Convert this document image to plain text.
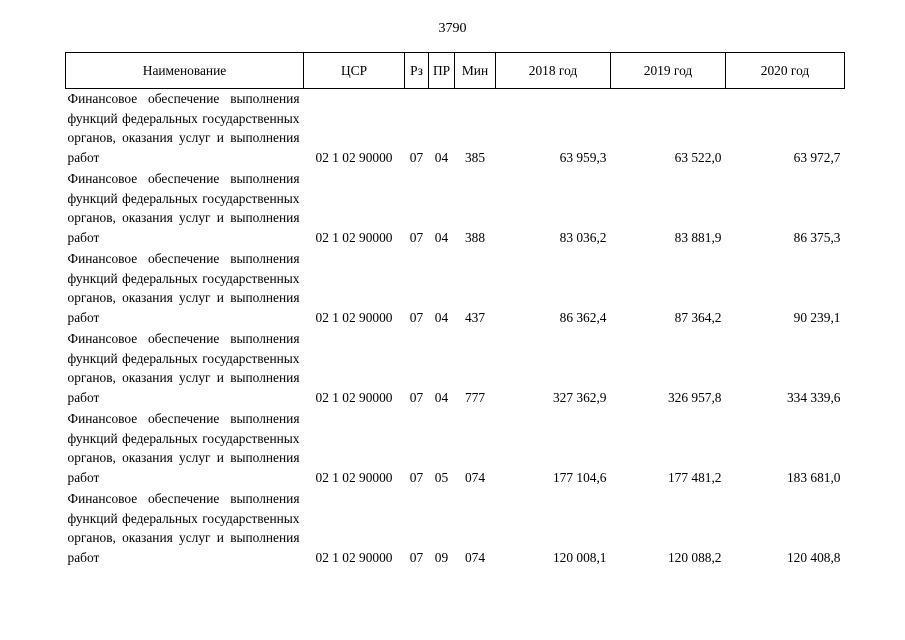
3790
Наименование	ЦСР	Рз	ПР	Мин	2018 год	2019 год	2020 год
Финансовое обеспечение выполнения функций федеральных государственных органов, оказания услуг и выполнения работ	02 1 02 90000	07	04	385	63 959,3	63 522,0	63 972,7
Финансовое обеспечение выполнения функций федеральных государственных органов, оказания услуг и выполнения работ	02 1 02 90000	07	04	388	83 036,2	83 881,9	86 375,3
Финансовое обеспечение выполнения функций федеральных государственных органов, оказания услуг и выполнения работ	02 1 02 90000	07	04	437	86 362,4	87 364,2	90 239,1
Финансовое обеспечение выполнения функций федеральных государственных органов, оказания услуг и выполнения работ	02 1 02 90000	07	04	777	327 362,9	326 957,8	334 339,6
Финансовое обеспечение выполнения функций федеральных государственных органов, оказания услуг и выполнения работ	02 1 02 90000	07	05	074	177 104,6	177 481,2	183 681,0
Финансовое обеспечение выполнения функций федеральных государственных органов, оказания услуг и выполнения работ	02 1 02 90000	07	09	074	120 008,1	120 088,2	120 408,8
